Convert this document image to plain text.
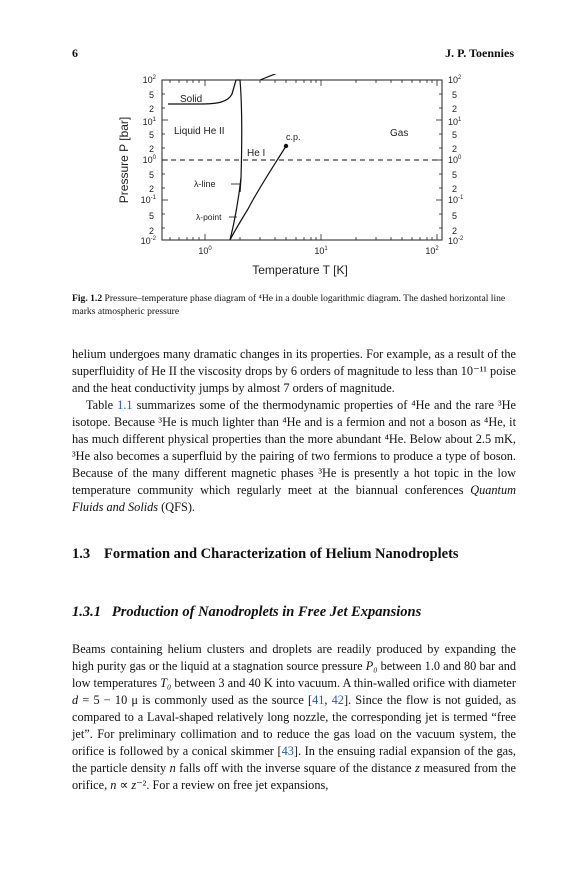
6	J. P. Toennies
Pressure P [bar]
$10^2$
5
2
$10^1$
5
2
$10^0$
5
2
$10^{-1}$
5
2
$10^{-2}$
$10^2$
5
2
$10^1$
5
2
$10^0$
5
2
$10^{-1}$
5
2
$10^{-2}$
$10^0$	$10^1$	$10^2$
Temperature T [K]
Solid
Liquid He II
He I
Gas
c.p.
λ-line
λ-point
Fig. 1.2 Pressure–temperature phase diagram of ⁴He in a double logarithmic diagram. The dashed horizontal line marks atmospheric pressure

helium undergoes many dramatic changes in its properties. For example, as a result of the superfluidity of He II the viscosity drops by 6 orders of magnitude to less than 10⁻¹¹ poise and the heat conductivity jumps by almost 7 orders of magnitude.

Table 1.1 summarizes some of the thermodynamic properties of ⁴He and the rare ³He isotope. Because ³He is much lighter than ⁴He and is a fermion and not a boson as ⁴He, it has much different physical properties than the more abundant ⁴He. Below about 2.5 mK, ³He also becomes a superfluid by the pairing of two fermions to produce a type of boson. Because of the many different magnetic phases ³He is presently a hot topic in the low temperature community which regularly meet at the biannual conferences Quantum Fluids and Solids (QFS).

1.3 Formation and Characterization of Helium Nanodroplets
1.3.1 Production of Nanodroplets in Free Jet Expansions

Beams containing helium clusters and droplets are readily produced by expanding the high purity gas or the liquid at a stagnation source pressure P₀ between 1.0 and 80 bar and low temperatures T₀ between 3 and 40 K into vacuum. A thin-walled orifice with diameter d = 5 − 10 μ is commonly used as the source [41, 42]. Since the flow is not guided, as compared to a Laval-shaped relatively long nozzle, the corresponding jet is termed “free jet”. For preliminary collimation and to reduce the gas load on the vacuum system, the orifice is followed by a conical skimmer [43]. In the ensuing radial expansion of the gas, the particle density n falls off with the inverse square of the distance z measured from the orifice, n ∝ z⁻². For a review on free jet expansions,
